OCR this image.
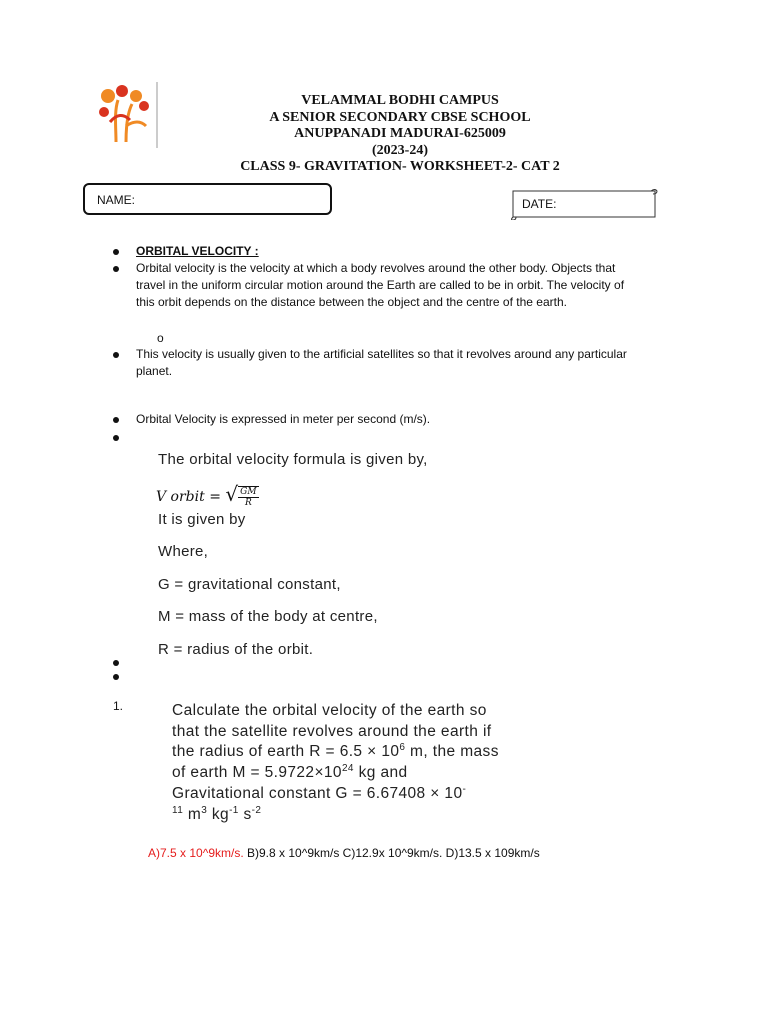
VELAMMAL BODHI CAMPUS
A SENIOR SECONDARY CBSE SCHOOL
ANUPPANADI MADURAI-625009
(2023-24)
CLASS 9- GRAVITATION- WORKSHEET-2- CAT 2
NAME:	DATE:
ORBITAL VELOCITY :
Orbital velocity is the velocity at which a body revolves around the other body. Objects that travel in the uniform circular motion around the Earth are called to be in orbit. The velocity of this orbit depends on the distance between the object and the centre of the earth.
o
This velocity is usually given to the artificial satellites so that it revolves around any particular planet.
Orbital Velocity is expressed in meter per second (m/s).
The orbital velocity formula is given by,
V orbit = √ $\frac{GM}{R}$
It is given by
Where,
G = gravitational constant,
M = mass of the body at centre,
R = radius of the orbit.
1.	Calculate the orbital velocity of the earth so
that the satellite revolves around the earth if
the radius of earth $R = 6.5 \times 10^6$ m, the mass
of earth $M = 5.9722\times 10^{24}$ kg and
Gravitational constant G = 6.67408 × 10-
$^{11}$ $m^3$ $kg^{-1}$ $s^{-2}$
A)7.5 x 10^9km/s. B)9.8 x 10^9km/s C)12.9x 10^9km/s. D)13.5 x 109km/s
